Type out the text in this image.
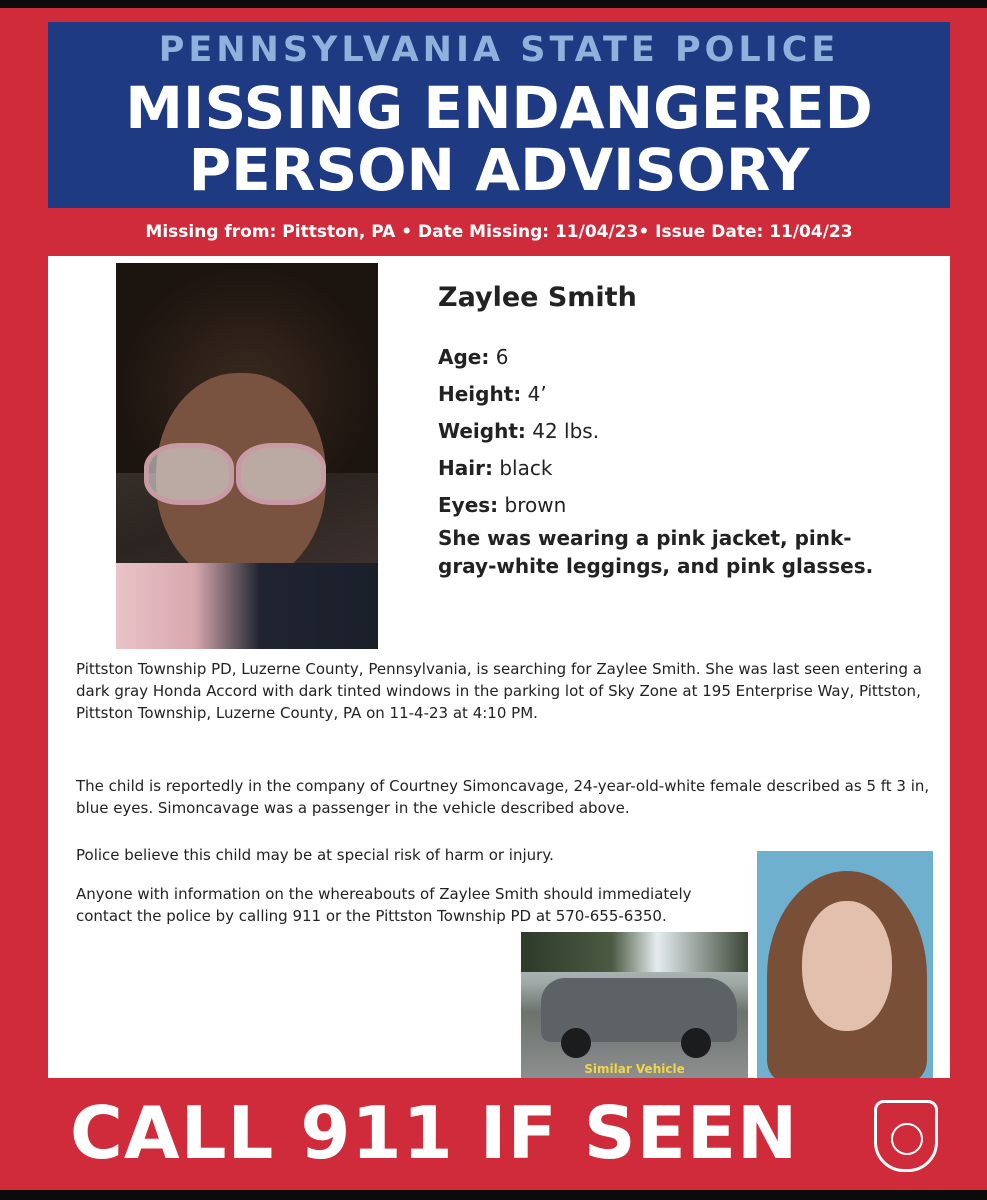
PENNSYLVANIA STATE POLICE
MISSING ENDANGERED
PERSON ADVISORY
Missing from: Pittston, PA • Date Missing: 11/04/23• Issue Date: 11/04/23
Zaylee Smith
Age: 6
Height: 4’
Weight: 42 lbs.
Hair: black
Eyes: brown
She was wearing a pink jacket, pink-gray-white leggings, and pink glasses.
Pittston Township PD, Luzerne County, Pennsylvania, is searching for Zaylee Smith. She was last seen entering a dark gray Honda Accord with dark tinted windows in the parking lot of Sky Zone at 195 Enterprise Way, Pittston, Pittston Township, Luzerne County, PA on 11-4-23 at 4:10 PM.
The child is reportedly in the company of Courtney Simoncavage, 24-year-old-white female described as 5 ft 3 in, blue eyes. Simoncavage was a passenger in the vehicle described above.
Police believe this child may be at special risk of harm or injury.
Anyone with information on the whereabouts of Zaylee Smith should immediately contact the police by calling 911 or the Pittston Township PD at 570-655-6350.
Similar Vehicle
CALL 911 IF SEEN
